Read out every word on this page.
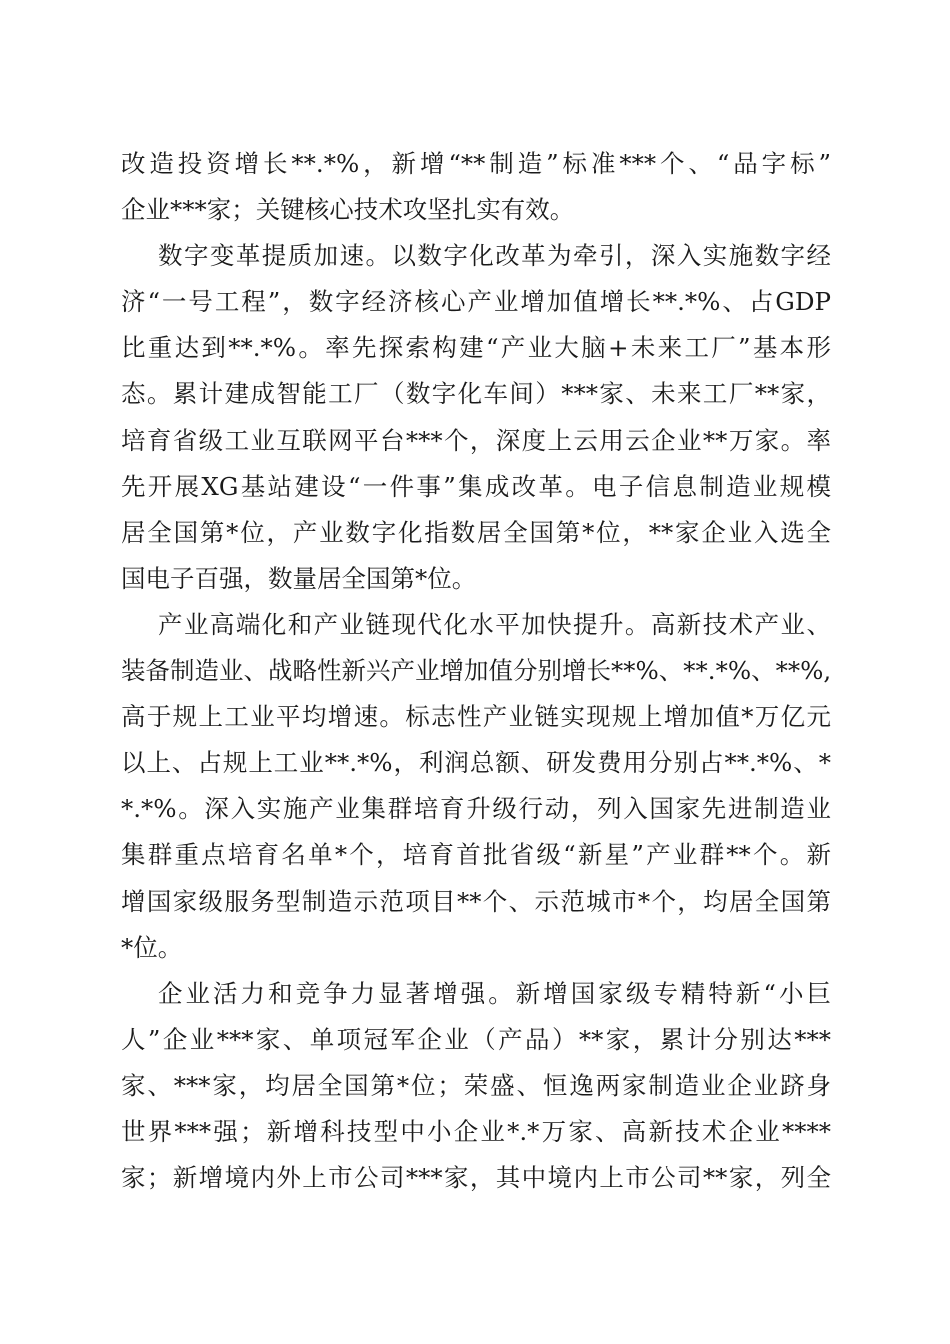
改造投资增长**.*%，新增“**制造”标准***个、“品字标”
企业***家；关键核心技术攻坚扎实有效。
数字变革提质加速。以数字化改革为牵引，深入实施数字经
济“一号工程”，数字经济核心产业增加值增长**.*%、占GDP
比重达到**.*%。率先探索构建“产业大脑+未来工厂”基本形
态。累计建成智能工厂（数字化车间）***家、未来工厂**家，
培育省级工业互联网平台***个，深度上云用云企业**万家。率
先开展XG基站建设“一件事”集成改革。电子信息制造业规模
居全国第*位，产业数字化指数居全国第*位，**家企业入选全
国电子百强，数量居全国第*位。
产业高端化和产业链现代化水平加快提升。高新技术产业、
装备制造业、战略性新兴产业增加值分别增长**%、**.*%、**%,
高于规上工业平均增速。标志性产业链实现规上增加值*万亿元
以上、占规上工业**.*%，利润总额、研发费用分别占**.*%、*
*.*%。深入实施产业集群培育升级行动，列入国家先进制造业
集群重点培育名单*个，培育首批省级“新星”产业群**个。新
增国家级服务型制造示范项目**个、示范城市*个，均居全国第
*位。
企业活力和竞争力显著增强。新增国家级专精特新“小巨
人”企业***家、单项冠军企业（产品）**家，累计分别达***
家、***家，均居全国第*位；荣盛、恒逸两家制造业企业跻身
世界***强；新增科技型中小企业*.*万家、高新技术企业****
家；新增境内外上市公司***家，其中境内上市公司**家，列全
